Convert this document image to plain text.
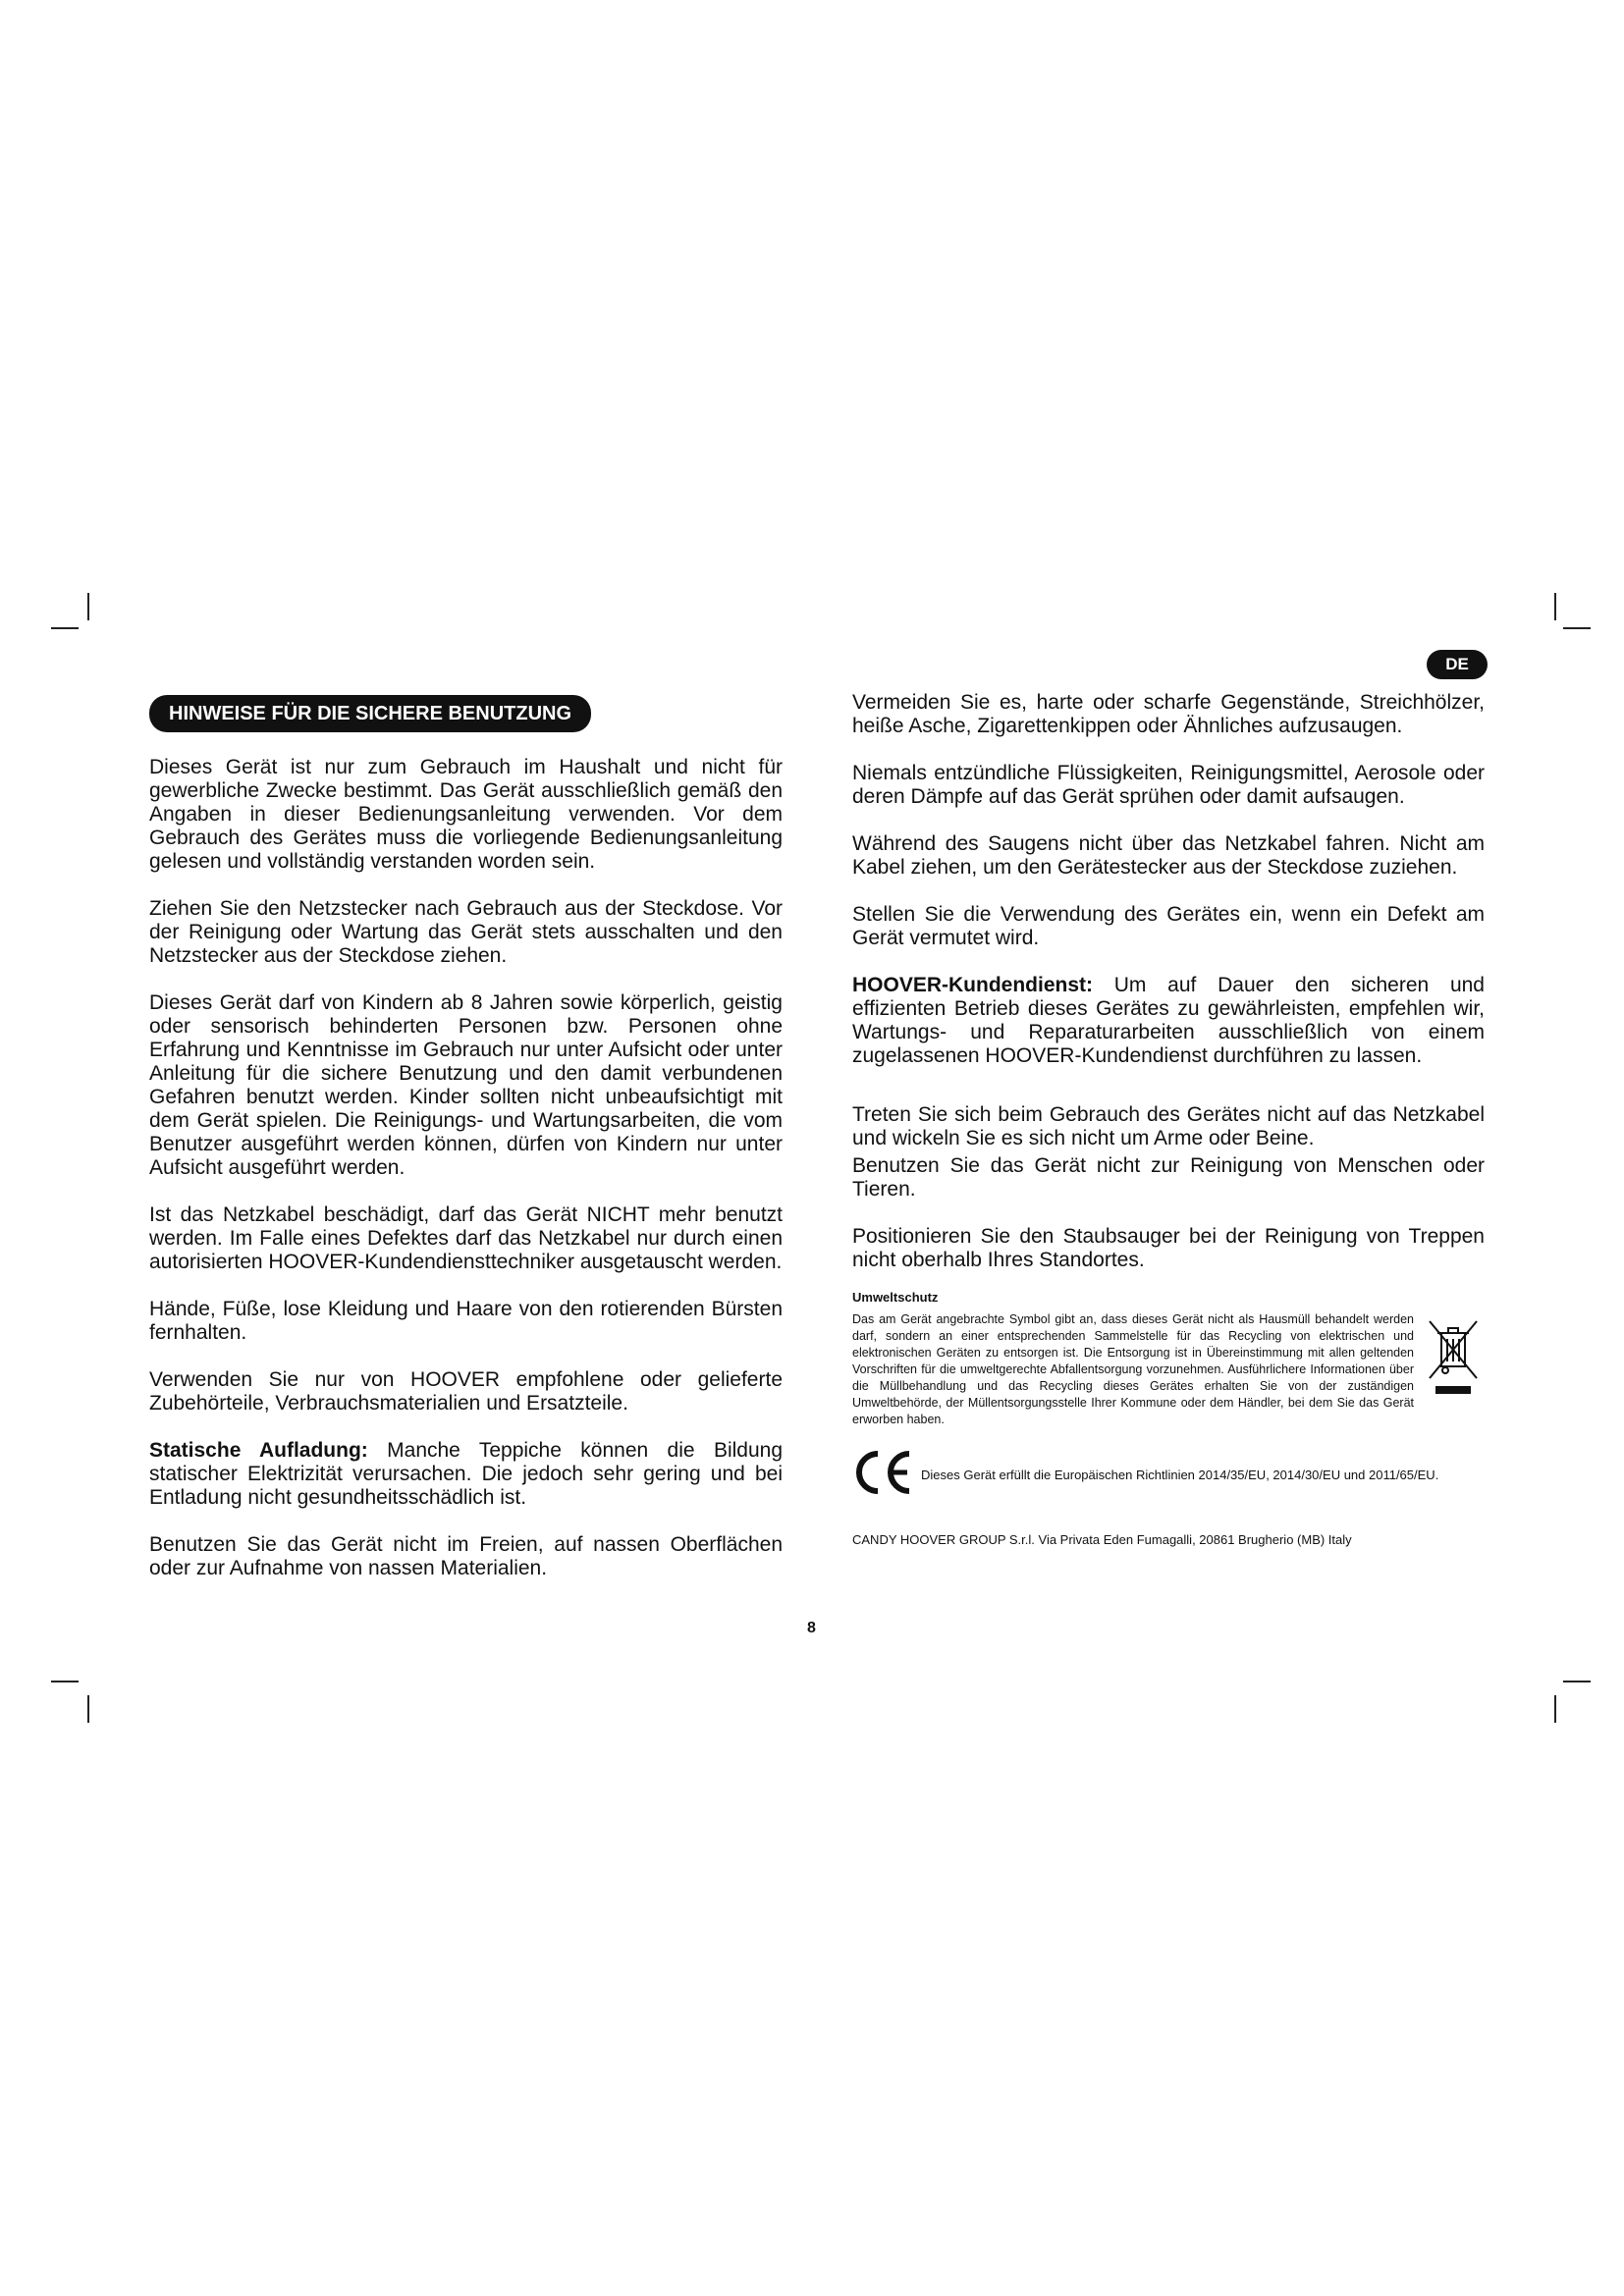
DE
HINWEISE FÜR DIE SICHERE BENUTZUNG

Dieses Gerät ist nur zum Gebrauch im Haushalt und nicht für gewerbliche Zwecke bestimmt. Das Gerät ausschließlich gemäß den Angaben in dieser Bedienungsanleitung verwenden. Vor dem Gebrauch des Gerätes muss die vorliegende Bedienungsanleitung gelesen und vollständig verstanden worden sein.

Ziehen Sie den Netzstecker nach Gebrauch aus der Steckdose. Vor der Reinigung oder Wartung das Gerät stets ausschalten und den Netzstecker aus der Steckdose ziehen.

Dieses Gerät darf von Kindern ab 8 Jahren sowie körperlich, geistig oder sensorisch behinderten Personen bzw. Personen ohne Erfahrung und Kenntnisse im Gebrauch nur unter Aufsicht oder unter Anleitung für die sichere Benutzung und den damit verbundenen Gefahren benutzt werden. Kinder sollten nicht unbeaufsichtigt mit dem Gerät spielen. Die Reinigungs- und Wartungsarbeiten, die vom Benutzer ausgeführt werden können, dürfen von Kindern nur unter Aufsicht ausgeführt werden.

Ist das Netzkabel beschädigt, darf das Gerät NICHT mehr benutzt werden. Im Falle eines Defektes darf das Netzkabel nur durch einen autorisierten HOOVER-Kundendiensttechniker ausgetauscht werden.

Hände, Füße, lose Kleidung und Haare von den rotierenden Bürsten fernhalten.

Verwenden Sie nur von HOOVER empfohlene oder gelieferte Zubehörteile, Verbrauchsmaterialien und Ersatzteile.

Statische Aufladung: Manche Teppiche können die Bildung statischer Elektrizität verursachen. Die jedoch sehr gering und bei Entladung nicht gesundheitsschädlich ist.

Benutzen Sie das Gerät nicht im Freien, auf nassen Oberflächen oder zur Aufnahme von nassen Materialien.

8

Vermeiden Sie es, harte oder scharfe Gegenstände, Streichhölzer, heiße Asche, Zigarettenkippen oder Ähnliches aufzusaugen.

Niemals entzündliche Flüssigkeiten, Reinigungsmittel, Aerosole oder deren Dämpfe auf das Gerät sprühen oder damit aufsaugen.

Während des Saugens nicht über das Netzkabel fahren. Nicht am Kabel ziehen, um den Gerätestecker aus der Steckdose zuziehen.

Stellen Sie die Verwendung des Gerätes ein, wenn ein Defekt am Gerät vermutet wird.

HOOVER-Kundendienst: Um auf Dauer den sicheren und effizienten Betrieb dieses Gerätes zu gewährleisten, empfehlen wir, Wartungs- und Reparaturarbeiten ausschließlich von einem zugelassenen HOOVER-Kundendienst durchführen zu lassen.

Treten Sie sich beim Gebrauch des Gerätes nicht auf das Netzkabel und wickeln Sie es sich nicht um Arme oder Beine.

Benutzen Sie das Gerät nicht zur Reinigung von Menschen oder Tieren.

Positionieren Sie den Staubsauger bei der Reinigung von Treppen nicht oberhalb Ihres Standortes.

Umweltschutz

Das am Gerät angebrachte Symbol gibt an, dass dieses Gerät nicht als Hausmüll behandelt werden darf, sondern an einer entsprechenden Sammelstelle für das Recycling von elektrischen und elektronischen Geräten zu entsorgen ist. Die Entsorgung ist in Übereinstimmung mit allen geltenden Vorschriften für die umweltgerechte Abfallentsorgung vorzunehmen. Ausführlichere Informationen über die Müllbehandlung und das Recycling dieses Gerätes erhalten Sie von der zuständigen Umweltbehörde, der Müllentsorgungsstelle Ihrer Kommune oder dem Händler, bei dem Sie das Gerät erworben haben.

Dieses Gerät erfüllt die Europäischen Richtlinien 2014/35/EU, 2014/30/EU und 2011/65/EU.
CANDY HOOVER GROUP S.r.l. Via Privata Eden Fumagalli, 20861 Brugherio (MB) Italy
